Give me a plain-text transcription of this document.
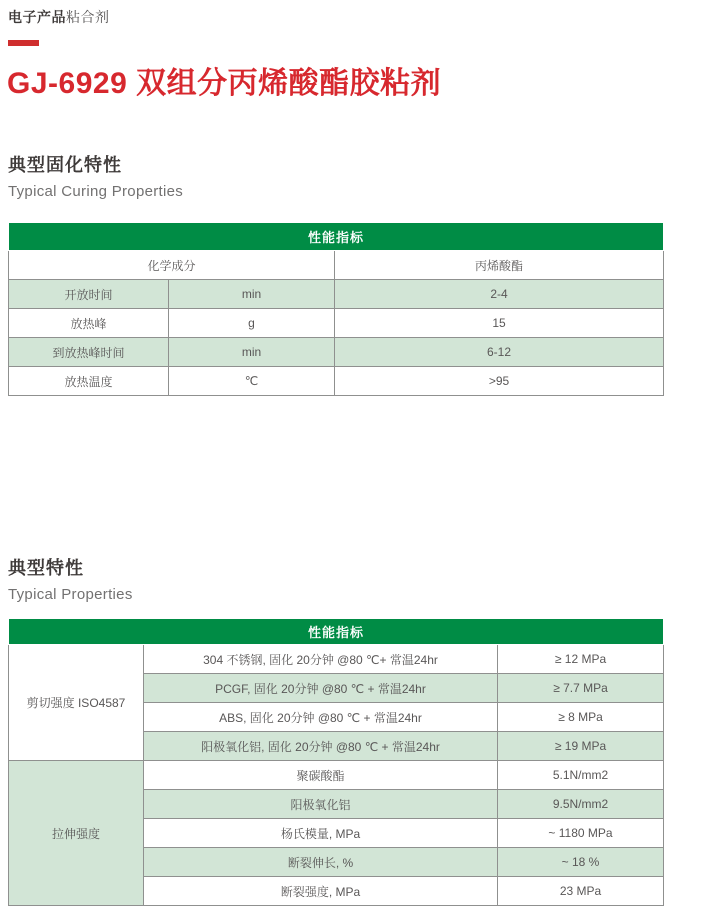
电子产品粘合剂
GJ-6929 双组分丙烯酸酯胶粘剂
典型固化特性
Typical Curing Properties
性能指标		
化学成分		丙烯酸酯
开放时间	min	2-4
放热峰	g	15
到放热峰时间	min	6-12
放热温度	℃	>95
典型特性
Typical Properties
性能指标		
剪切强度 ISO4587	304 不锈钢, 固化 20分钟 @80 ℃+ 常温24hr	≥ 12 MPa
	PCGF, 固化 20分钟 @80 ℃ + 常温24hr	≥ 7.7 MPa
	ABS, 固化 20分钟 @80 ℃ + 常温24hr	≥ 8 MPa
	阳极氧化铝, 固化 20分钟 @80 ℃ + 常温24hr	≥ 19 MPa
拉伸强度	聚碳酸酯	5.1N/mm2
	阳极氧化铝	9.5N/mm2
	杨氏模量, MPa	~ 1180 MPa
	断裂伸长, %	~ 18 %
	断裂强度, MPa	23 MPa
